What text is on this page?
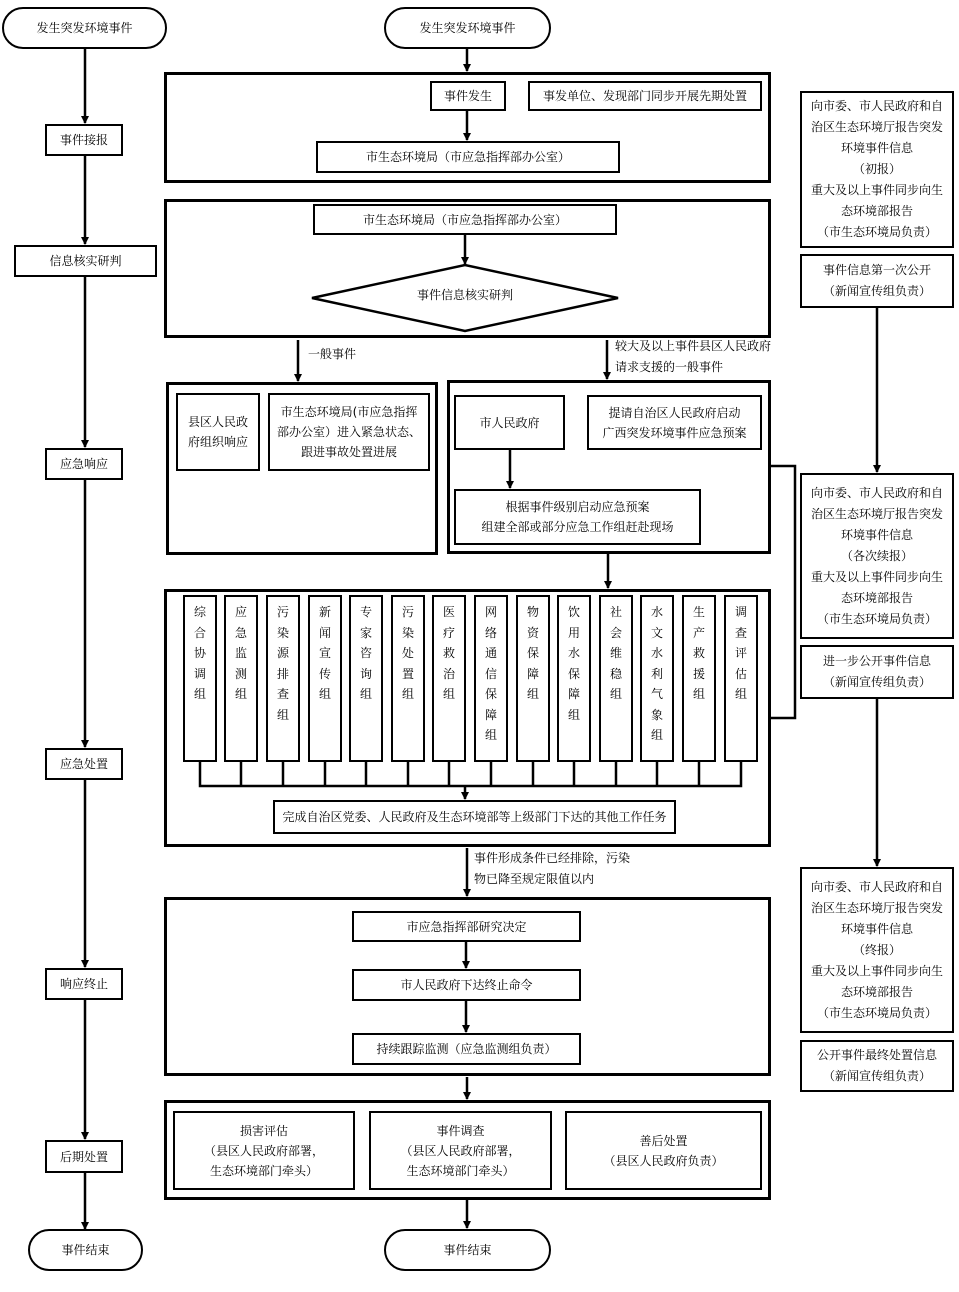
发生突发环境事件
事件接报
信息核实研判
应急响应
应急处置
响应终止
后期处置
事件结束
发生突发环境事件
事件发生	事发单位、发现部门同步开展先期处置
市生态环境局（市应急指挥部办公室）
市生态环境局（市应急指挥部办公室）
事件信息核实研判
一般事件
较大及以上事件县区人民政府
请求支援的一般事件
县区人民政府组织响应
市生态环境局(市应急指挥部办公室）进入紧急状态、跟进事故处置进展
市人民政府
提请自治区人民政府启动
广西突发环境事件应急预案
根据事件级别启动应急预案
组建全部或部分应急工作组赶赴现场
综合协调组
应急监测组
污染源排查组
新闻宣传组
专家咨询组
污染处置组
医疗救治组
网络通信保障组
物资保障组
饮用水保障组
社会维稳组
水文水利气象组
生产救援组
调查评估组
完成自治区党委、人民政府及生态环境部等上级部门下达的其他工作任务
事件形成条件已经排除，污染
物已降至规定限值以内
市应急指挥部研究决定
市人民政府下达终止命令
持续跟踪监测（应急监测组负责）
损害评估
（县区人民政府部署，
生态环境部门牵头）
事件调查
（县区人民政府部署，
生态环境部门牵头）
善后处置
（县区人民政府负责）
事件结束
向市委、市人民政府和自治区生态环境厅报告突发环境事件信息
（初报）
重大及以上事件同步向生态环境部报告
（市生态环境局负责）
事件信息第一次公开
（新闻宣传组负责）
向市委、市人民政府和自治区生态环境厅报告突发环境事件信息
（各次续报）
重大及以上事件同步向生态环境部报告
（市生态环境局负责）
进一步公开事件信息
（新闻宣传组负责）
向市委、市人民政府和自治区生态环境厅报告突发环境事件信息
（终报）
重大及以上事件同步向生态环境部报告
（市生态环境局负责）
公开事件最终处置信息
（新闻宣传组负责）
